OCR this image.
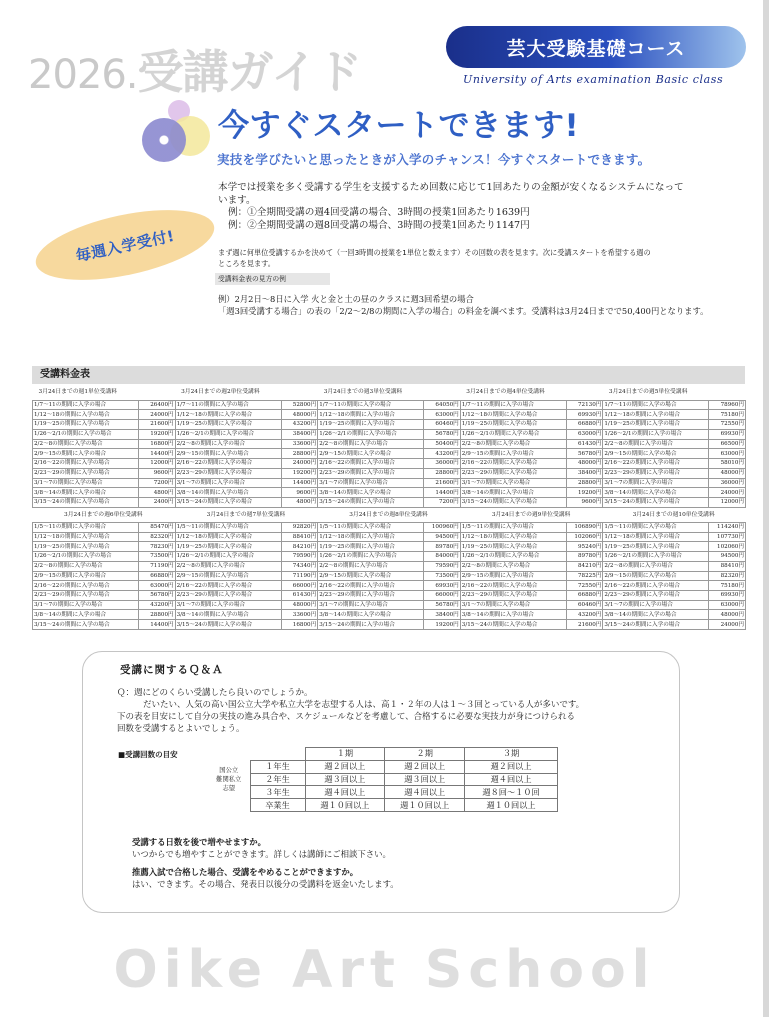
2026.受講ガイド	芸大受験基礎コース
University of Arts examination Basic class
今すぐスタートできます!
実技を学びたいと思ったときが入学のチャンス！今すぐスタートできます。
毎週入学受付!
本学では授業を多く受講する学生を支援するため回数に応じて1回あたりの金額が安くなるシステムになって
います。
例：①全期間受講の週4回受講の場合、3時間の授業1回あたり1639円
例：②全期間受講の週8回受講の場合、3時間の授業1回あたり1147円
まず週に何単位受講するかを決めて（一回3時間の授業を1単位と数えます）その回数の表を見ます。次に受講スタートを希望する週の
ところを見ます。
受講料金表の見方の例
例）2月2日～8日に入学 火と金と土の昼のクラスに週3回希望の場合
「週3回受講する場合」の表の「2/2～2/8の期間に入学の場合」の料金を調べます。受講料は3月24日までで50,400円となります。
受講料金表
3月24日までの週1単位受講料		3月24日までの週2単位受講料		3月24日までの週3単位受講料		3月24日までの週4単位受講料		3月24日までの週5単位受講料	
1/7～11の期間に入学の場合	26400円	1/7～11の期間に入学の場合	52800円	1/7～11の期間に入学の場合	64050円	1/7～11の期間に入学の場合	72130円	1/7～11の期間に入学の場合	78960円
1/12～18の期間に入学の場合	24000円	1/12～18の期間に入学の場合	48000円	1/12～18の期間に入学の場合	63000円	1/12～18の期間に入学の場合	69930円	1/12～18の期間に入学の場合	75180円
1/19～25の期間に入学の場合	21600円	1/19～25の期間に入学の場合	43200円	1/19～25の期間に入学の場合	60460円	1/19～25の期間に入学の場合	66880円	1/19～25の期間に入学の場合	72550円
1/26～2/1の期間に入学の場合	19200円	1/26～2/1の期間に入学の場合	38400円	1/26～2/1の期間に入学の場合	56780円	1/26～2/1の期間に入学の場合	63000円	1/26～2/1の期間に入学の場合	69930円
2/2～8の期間に入学の場合	16800円	2/2～8の期間に入学の場合	33600円	2/2～8の期間に入学の場合	50400円	2/2～8の期間に入学の場合	61430円	2/2～8の期間に入学の場合	66500円
2/9～15の期間に入学の場合	14400円	2/9～15の期間に入学の場合	28800円	2/9～15の期間に入学の場合	43200円	2/9～15の期間に入学の場合	56780円	2/9～15の期間に入学の場合	63000円
2/16～22の期間に入学の場合	12000円	2/16～22の期間に入学の場合	24000円	2/16～22の期間に入学の場合	36000円	2/16～22の期間に入学の場合	48000円	2/16～22の期間に入学の場合	58010円
2/23～29の期間に入学の場合	9600円	2/23～29の期間に入学の場合	19200円	2/23～29の期間に入学の場合	28800円	2/23～29の期間に入学の場合	38400円	2/23～29の期間に入学の場合	48000円
3/1～7の期間に入学の場合	7200円	3/1～7の期間に入学の場合	14400円	3/1～7の期間に入学の場合	21600円	3/1～7の期間に入学の場合	28800円	3/1～7の期間に入学の場合	36000円
3/8～14の期間に入学の場合	4800円	3/8～14の期間に入学の場合	9600円	3/8～14の期間に入学の場合	14400円	3/8～14の期間に入学の場合	19200円	3/8～14の期間に入学の場合	24000円
3/15～24の期間に入学の場合	2400円	3/15～24の期間に入学の場合	4800円	3/15～24の期間に入学の場合	7200円	3/15～24の期間に入学の場合	9600円	3/15～24の期間に入学の場合	12000円
3月24日までの週6単位受講料		3月24日までの週7単位受講料		3月24日までの週8単位受講料		3月24日までの週9単位受講料		3月24日までの週10単位受講料	
1/5～11の期間に入学の場合	85470円	1/5～11の期間に入学の場合	92820円	1/5～11の期間に入学の場合	100960円	1/5～11の期間に入学の場合	106890円	1/5～11の期間に入学の場合	114240円
1/12～18の期間に入学の場合	82320円	1/12～18の期間に入学の場合	88410円	1/12～18の期間に入学の場合	94500円	1/12～18の期間に入学の場合	102060円	1/12～18の期間に入学の場合	107730円
1/19～25の期間に入学の場合	78230円	1/19～25の期間に入学の場合	84210円	1/19～25の期間に入学の場合	89780円	1/19～25の期間に入学の場合	95240円	1/19～25の期間に入学の場合	102060円
1/26～2/1の期間に入学の場合	73500円	1/26～2/1の期間に入学の場合	79590円	1/26～2/1の期間に入学の場合	84000円	1/26～2/1の期間に入学の場合	89780円	1/26～2/1の期間に入学の場合	94500円
2/2～8の期間に入学の場合	71190円	2/2～8の期間に入学の場合	74340円	2/2～8の期間に入学の場合	79590円	2/2～8の期間に入学の場合	84210円	2/2～8の期間に入学の場合	88410円
2/9～15の期間に入学の場合	66880円	2/9～15の期間に入学の場合	71190円	2/9～15の期間に入学の場合	73500円	2/9～15の期間に入学の場合	78225円	2/9～15の期間に入学の場合	82320円
2/16～22の期間に入学の場合	63000円	2/16～22の期間に入学の場合	66000円	2/16～22の期間に入学の場合	69930円	2/16～22の期間に入学の場合	72550円	2/16～22の期間に入学の場合	75180円
2/23～29の期間に入学の場合	56780円	2/23～29の期間に入学の場合	61430円	2/23～29の期間に入学の場合	66000円	2/23～29の期間に入学の場合	66880円	2/23～29の期間に入学の場合	69930円
3/1～7の期間に入学の場合	43200円	3/1～7の期間に入学の場合	48000円	3/1～7の期間に入学の場合	56780円	3/1～7の期間に入学の場合	60460円	3/1～7の期間に入学の場合	63000円
3/8～14の期間に入学の場合	28800円	3/8～14の期間に入学の場合	33600円	3/8～14の期間に入学の場合	38400円	3/8～14の期間に入学の場合	43200円	3/8～14の期間に入学の場合	48000円
3/15～24の期間に入学の場合	14400円	3/15～24の期間に入学の場合	16800円	3/15～24の期間に入学の場合	19200円	3/15～24の期間に入学の場合	21600円	3/15～24の期間に入学の場合	24000円
受講に関するＱ＆Ａ
Ｑ：週にどのくらい受講したら良いのでしょうか。
だいたい、人気の高い国公立大学や私立大学を志望する人は、高１・２年の人は１～３回とっている人が多いです。
下の表を目安にして自分の実技の進み具合や、スケジュールなどを考慮して、合格するに必要な実技力が身につけられる
回数を受講するとよいでしょう。
■受講回数の目安
			１期	２期	３期

国公立
難関私立
志望	１年生	週２回以上	週２回以上	週２回以上
	２年生	週３回以上	週３回以上	週４回以上
	３年生	週４回以上	週４回以上	週８回～１０回
	卒業生	週１０回以上	週１０回以上	週１０回以上
受講する日数を後で増やせますか。
いつからでも増やすことができます。詳しくは講師にご相談下さい。
推薦入試で合格した場合、受講をやめることができますか。
はい、できます。その場合、発表日以後分の受講料を返金いたします。
Oike Art School
